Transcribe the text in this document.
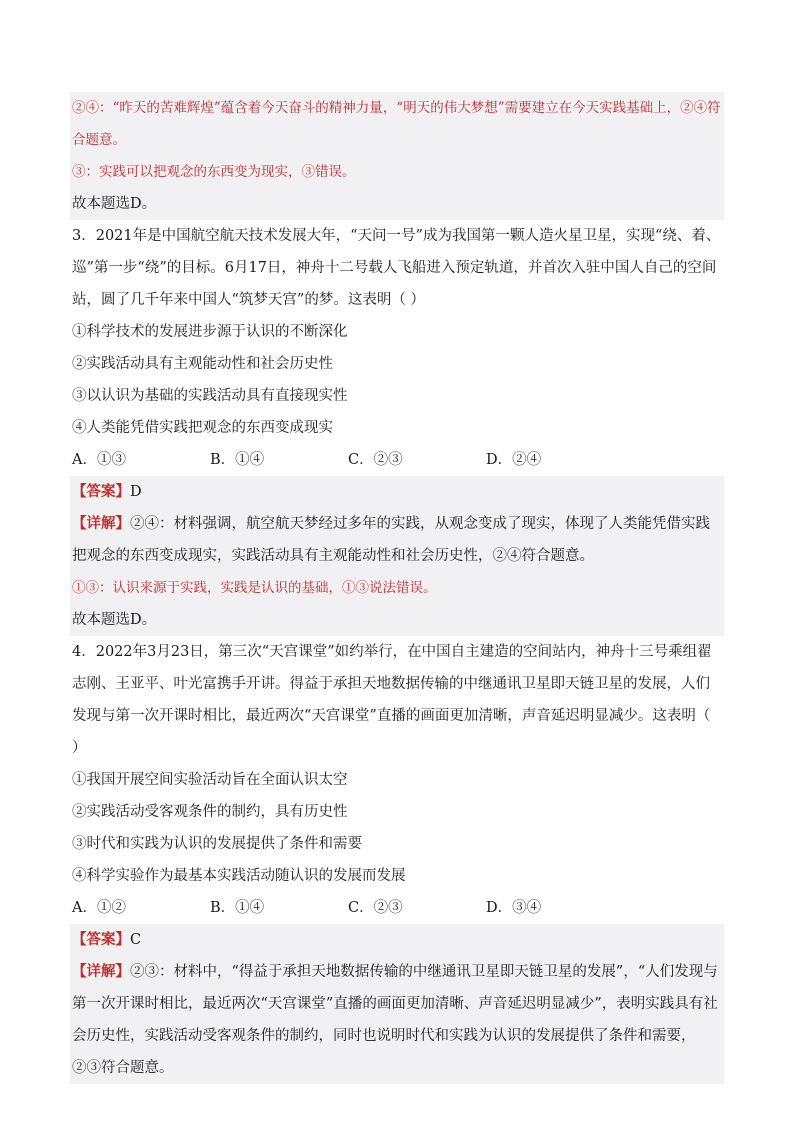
②④：“昨天的苦难辉煌”蕴含着今天奋斗的精神力量，“明天的伟大梦想”需要建立在今天实践基础上，②④符合题意。

③：实践可以把观念的东西变为现实，③错误。

故本题选D。

3．2021年是中国航空航天技术发展大年，“天问一号”成为我国第一颗人造火星卫星，实现“绕、着、巡”第一步“绕”的目标。6月17日，神舟十二号载人飞船进入预定轨道，并首次入驻中国人自己的空间站，圆了几千年来中国人“筑梦天宫”的梦。这表明（ ）

①科学技术的发展进步源于认识的不断深化

②实践活动具有主观能动性和社会历史性

③以认识为基础的实践活动具有直接现实性

④人类能凭借实践把观念的东西变成现实

A．①③	B．①④	C．②③	D．②④

【答案】D

【详解】②④：材料强调，航空航天梦经过多年的实践，从观念变成了现实，体现了人类能凭借实践把观念的东西变成现实，实践活动具有主观能动性和社会历史性，②④符合题意。

①③：认识来源于实践，实践是认识的基础，①③说法错误。

故本题选D。

4．2022年3月23日，第三次“天宫课堂”如约举行，在中国自主建造的空间站内，神舟十三号乘组翟志刚、王亚平、叶光富携手开讲。得益于承担天地数据传输的中继通讯卫星即天链卫星的发展，人们发现与第一次开课时相比，最近两次“天宫课堂”直播的画面更加清晰，声音延迟明显减少。这表明（ ）

①我国开展空间实验活动旨在全面认识太空

②实践活动受客观条件的制约，具有历史性

③时代和实践为认识的发展提供了条件和需要

④科学实验作为最基本实践活动随认识的发展而发展

A．①②	B．①④	C．②③	D．③④

【答案】C

【详解】②③：材料中，“得益于承担天地数据传输的中继通讯卫星即天链卫星的发展”，“人们发现与第一次开课时相比，最近两次“天宫课堂”直播的画面更加清晰、声音延迟明显减少”，表明实践具有社会历史性，实践活动受客观条件的制约，同时也说明时代和实践为认识的发展提供了条件和需要，②③符合题意。
